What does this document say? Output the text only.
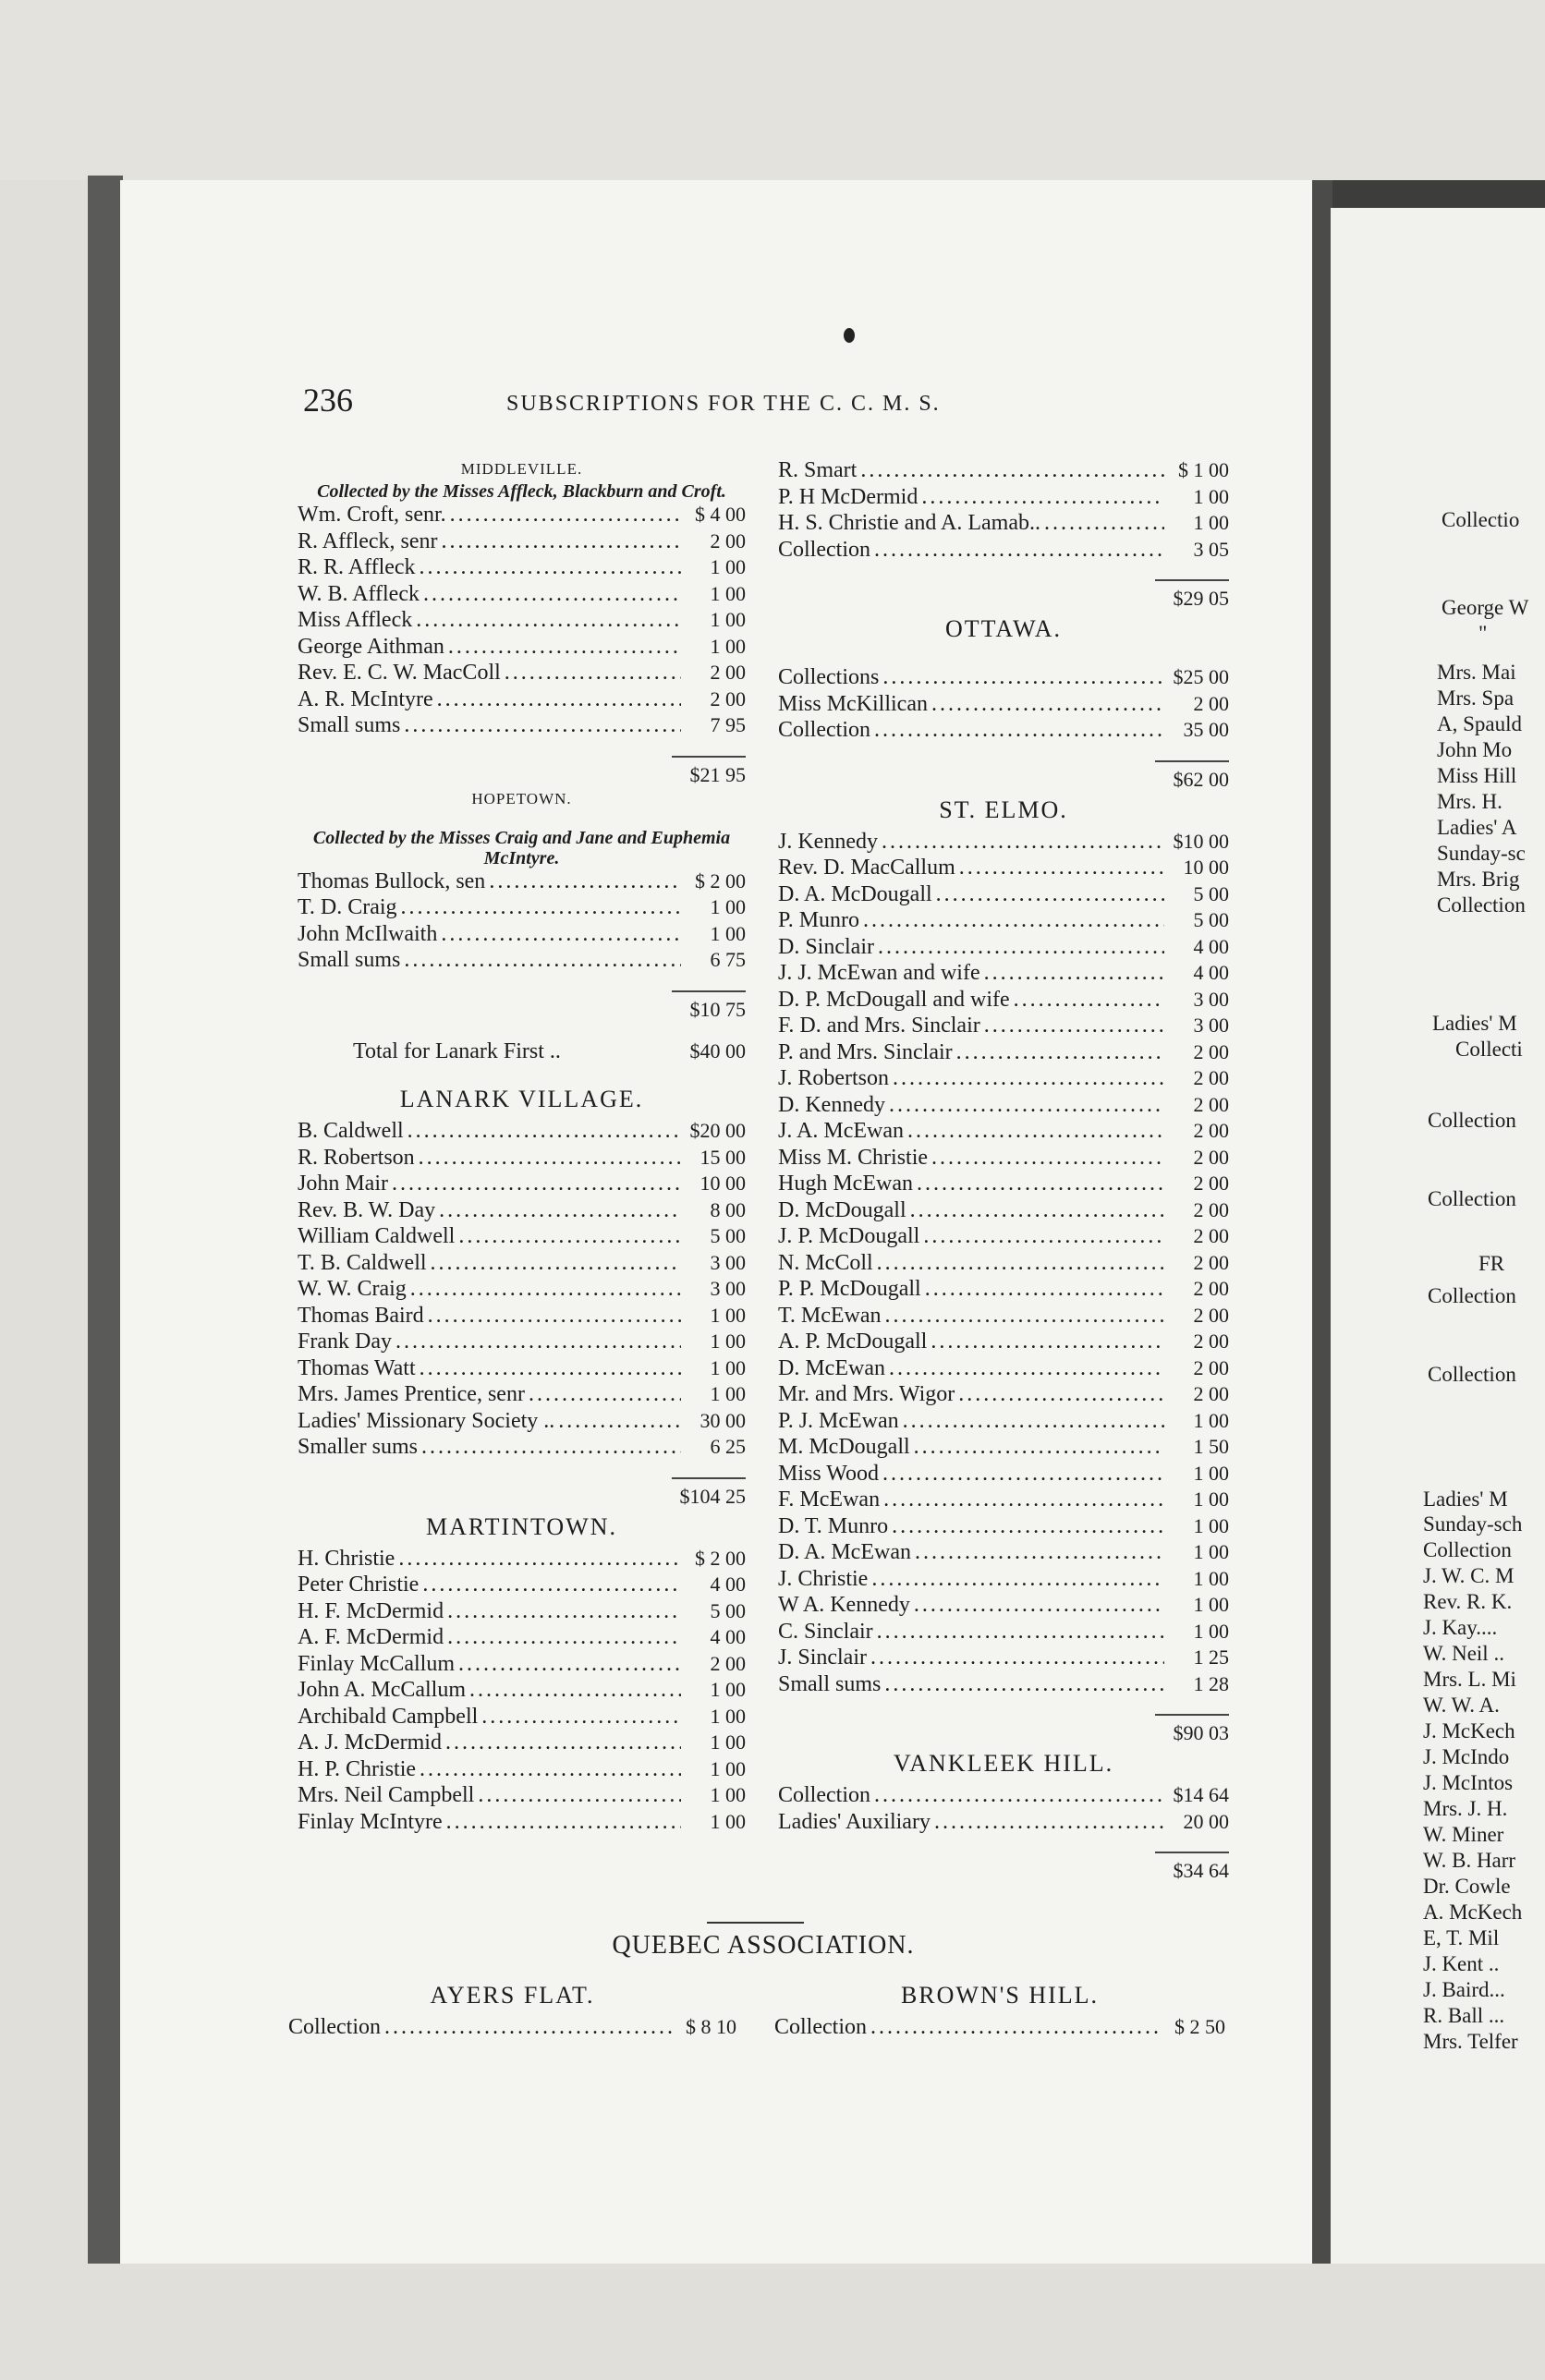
236	SUBSCRIPTIONS FOR THE C. C. M. S.
MIDDLEVILLE.
Collected by the Misses Affleck, Blackburn and Croft.
Wm. Croft, senr. .....	$ 4 00
R. Affleck, senr .....	2 00
R. R. Affleck .....	1 00
W. B. Affleck .....	1 00
Miss Affleck .....	1 00
George Aithman .....	1 00
Rev. E. C. W. MacColl .....	2 00
A. R. McIntyre .....	2 00
Small sums .....	7 95
$21 95
HOPETOWN.
Collected by the Misses Craig and Jane and Euphemia McIntyre.
Thomas Bullock, sen .....	$ 2 00
T. D. Craig .....	1 00
John McIlwaith .....	1 00
Small sums .....	6 75
$10 75
Total for Lanark First ..	$40 00
LANARK VILLAGE.
B. Caldwell .....	$20 00
R. Robertson .....	15 00
John Mair .....	10 00
Rev. B. W. Day .....	8 00
William Caldwell .....	5 00
T. B. Caldwell .....	3 00
W. W. Craig .....	3 00
Thomas Baird .....	1 00
Frank Day .....	1 00
Thomas Watt .....	1 00
Mrs. James Prentice, senr .....	1 00
Ladies' Missionary Society .. .....	30 00
Smaller sums .....	6 25
$104 25
MARTINTOWN.
H. Christie .....	$ 2 00
Peter Christie .....	4 00
H. F. McDermid .....	5 00
A. F. McDermid .....	4 00
Finlay McCallum .....	2 00
John A. McCallum .....	1 00
Archibald Campbell .....	1 00
A. J. McDermid .....	1 00
H. P. Christie .....	1 00
Mrs. Neil Campbell .....	1 00
Finlay McIntyre .....	1 00
R. Smart .....	$ 1 00
P. H McDermid .....	1 00
H. S. Christie and A. Lamab.. .....	1 00
Collection .....	3 05
$29 05
OTTAWA.
Collections .....	$25 00
Miss McKillican .....	2 00
Collection .....	35 00
$62 00
ST. ELMO.
J. Kennedy .....	$10 00
Rev. D. MacCallum .....	10 00
D. A. McDougall .....	5 00
P. Munro .....	5 00
D. Sinclair .....	4 00
J. J. McEwan and wife .....	4 00
D. P. McDougall and wife .....	3 00
F. D. and Mrs. Sinclair .....	3 00
P. and Mrs. Sinclair .....	2 00
J. Robertson .....	2 00
D. Kennedy .....	2 00
J. A. McEwan .....	2 00
Miss M. Christie .....	2 00
Hugh McEwan .....	2 00
D. McDougall .....	2 00
J. P. McDougall .....	2 00
N. McColl .....	2 00
P. P. McDougall .....	2 00
T. McEwan .....	2 00
A. P. McDougall .....	2 00
D. McEwan .....	2 00
Mr. and Mrs. Wigor .....	2 00
P. J. McEwan .....	1 00
M. McDougall .....	1 50
Miss Wood .....	1 00
F. McEwan .....	1 00
D. T. Munro .....	1 00
D. A. McEwan .....	1 00
J. Christie .....	1 00
W A. Kennedy .....	1 00
C. Sinclair .....	1 00
J. Sinclair .....	1 25
Small sums .....	1 28
$90 03
VANKLEEK HILL.
Collection .....	$14 64
Ladies' Auxiliary .....	20 00
$34 64
QUEBEC ASSOCIATION.
AYERS FLAT.
Collection .....	$ 8 10
BROWN'S HILL.
Collection .....	$ 2 50
Collectio
George W
"
Mrs. Mai
Mrs. Spa
A, Spauld
John Mo
Miss Hill
Mrs. H.
Ladies' A
Sunday-sc
Mrs. Brig
Collection
Ladies' M
Collecti
Collection
Collection
FR
Collection
Collection
Ladies' M
Sunday-sch
Collection
J. W. C. M
Rev. R. K.
J. Kay....
W. Neil ..
Mrs. L. Mi
W. W. A.
J. McKech
J. McIndo
J. McIntos
Mrs. J. H.
W. Miner
W. B. Harr
Dr. Cowle
A. McKech
E, T. Mil
J. Kent ..
J. Baird...
R. Ball ...
Mrs. Telfer
